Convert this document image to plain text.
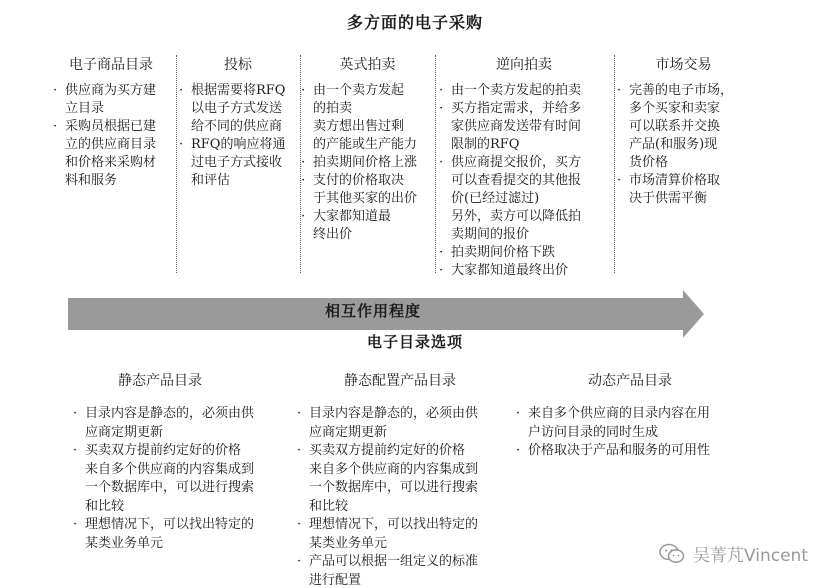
多方面的电子采购
电子商品目录
· 供应商为买方建
立目录
· 采购员根据已建
立的供应商目录
和价格来采购材
料和服务
投标
· 根据需要将RFQ
以电子方式发送
给不同的供应商
· RFQ的响应将通
过电子方式接收
和评估
英式拍卖
· 由一个卖方发起
的拍卖
卖方想出售过剩
的产能或生产能力
· 拍卖期间价格上涨
· 支付的价格取决
于其他买家的出价
· 大家都知道最
终出价
逆向拍卖
· 由一个卖方发起的拍卖
· 买方指定需求，并给多
家供应商发送带有时间
限制的RFQ
· 供应商提交报价，买方
可以查看提交的其他报
价(已经过滤过)
另外，卖方可以降低拍
卖期间的报价
· 拍卖期间价格下跌
· 大家都知道最终出价
市场交易
· 完善的电子市场，
多个买家和卖家
可以联系并交换
产品(和服务)现
货价格
· 市场清算价格取
决于供需平衡
相互作用程度
电子目录选项
静态产品目录	静态配置产品目录	动态产品目录
· 目录内容是静态的，必须由供
应商定期更新
· 买卖双方提前约定好的价格
来自多个供应商的内容集成到
一个数据库中，可以进行搜索
和比较
· 理想情况下，可以找出特定的
某类业务单元
· 目录内容是静态的，必须由供
应商定期更新
· 买卖双方提前约定好的价格
来自多个供应商的内容集成到
一个数据库中，可以进行搜索
和比较
· 理想情况下，可以找出特定的
某类业务单元
· 产品可以根据一组定义的标准
进行配置
· 来自多个供应商的目录内容在用
户访问目录的同时生成
· 价格取决于产品和服务的可用性
吴菁芃Vincent
